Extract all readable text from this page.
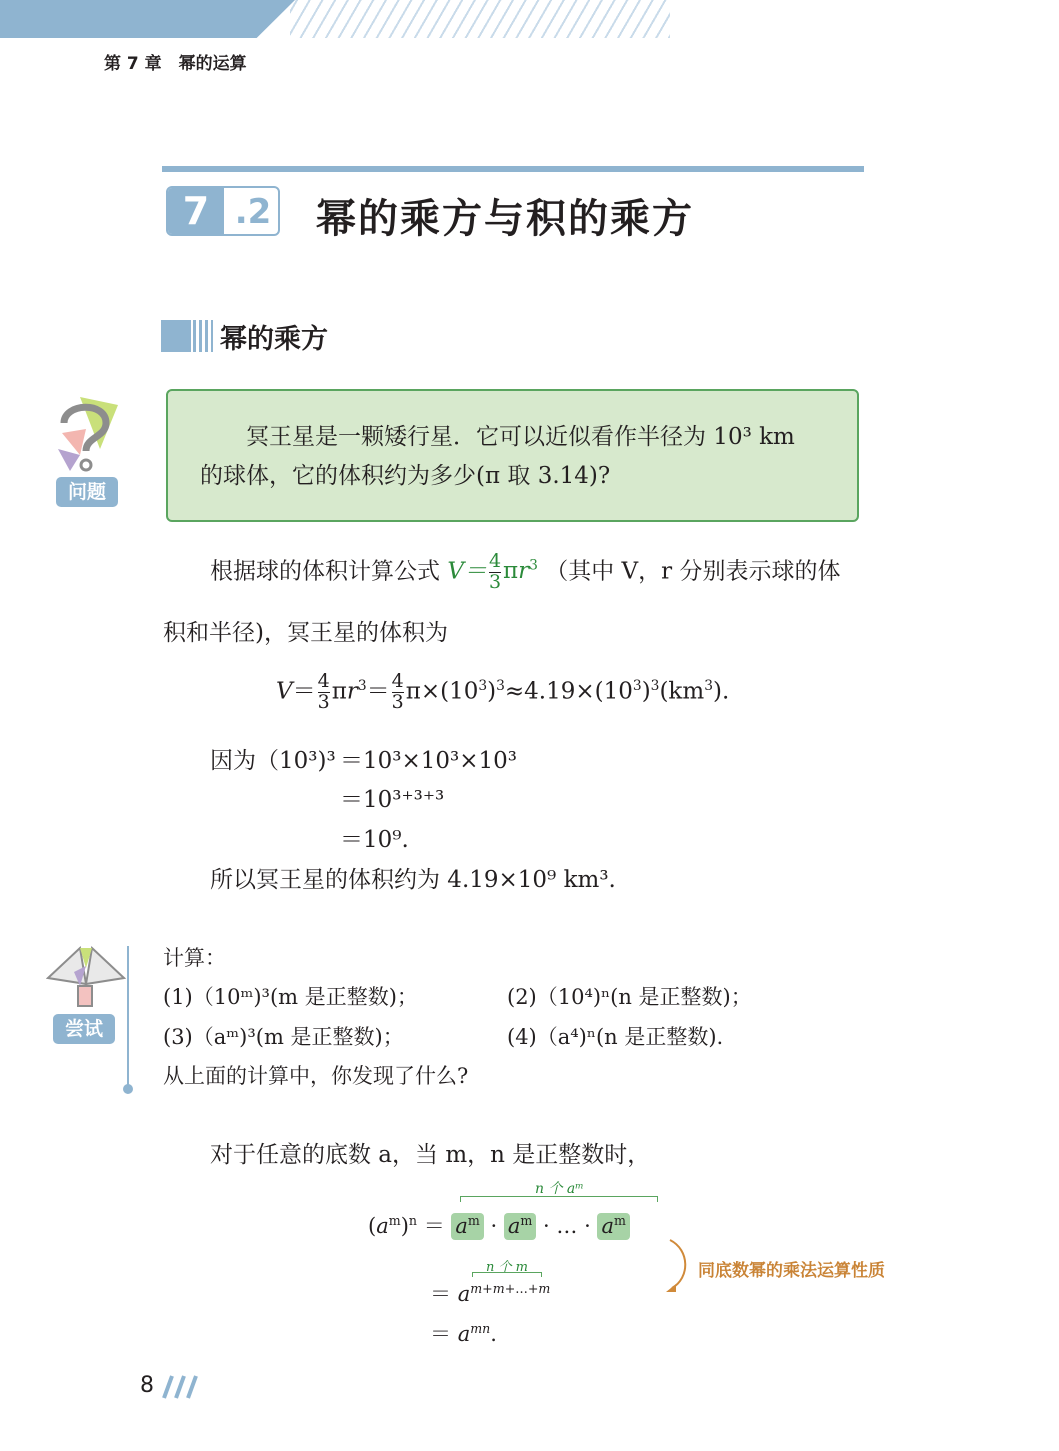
第 7 章　幂的运算
7 .2 幂的乘方与积的乘方
幂的乘方
问题
冥王星是一颗矮行星．它可以近似看作半径为 10³ km
的球体，它的体积约为多少(π 取 3.14)?
根据球的体积计算公式 $V= \frac{4}{3} \pi r^3$ （其中 V，r 分别表示球的体
积和半径)，冥王星的体积为
$V= \frac{4}{3} \pi r^3= \frac{4}{3} \pi\times(10^3)^3\approx 4.19\times(10^3)^3(km^3)$.
因为（10³)³ ＝10³×10³×10³
＝10³⁺³⁺³
＝10⁹.
所以冥王星的体积约为 4.19×10⁹ km³.
尝试
计算：
(1)（10ᵐ)³(m 是正整数)；	(2)（10⁴)ⁿ(n 是正整数)；
(3)（aᵐ)³(m 是正整数)；	(4)（a⁴)ⁿ(n 是正整数).
从上面的计算中，你发现了什么?
对于任意的底数 a，当 m，n 是正整数时，
n 个 aᵐ
$(a^m)^n = a^m \cdot a^m$ · … · $a^m$
同底数幂的乘法运算性质
n 个 m
＝ $a^{m+m+\dots+m}$
＝ $a^{mn}$.
8
